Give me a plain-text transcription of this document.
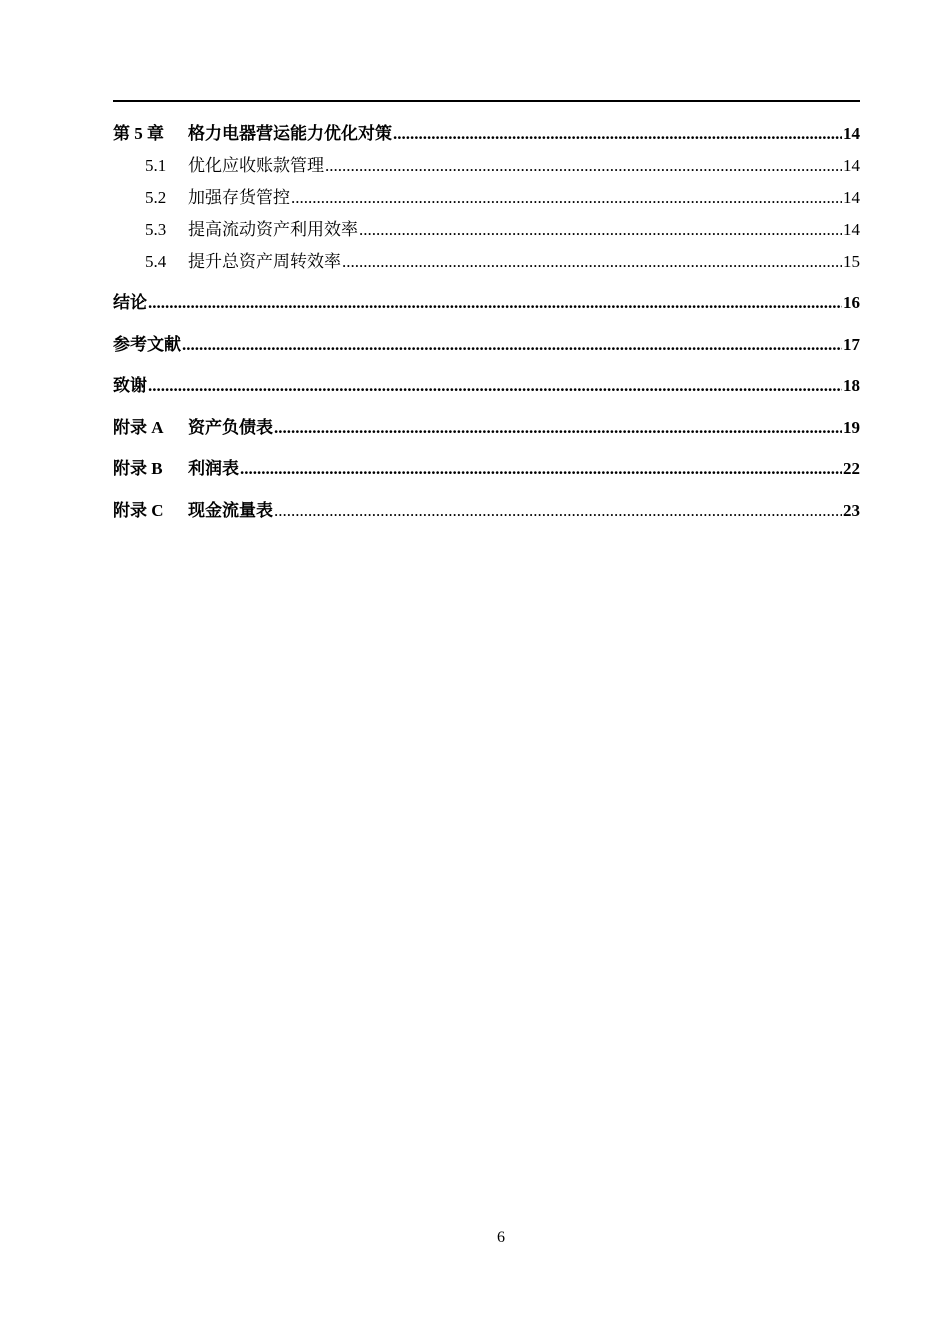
第 5 章	格力电器营运能力优化对策 .....	14
5.1	优化应收账款管理 .....	14
5.2	加强存货管控 .....	14
5.3	提高流动资产利用效率 .....	14
5.4	提升总资产周转效率 .....	15
结论 .....	16
参考文献 .....	17
致谢 .....	18
附录 A	资产负债表 .....	19
附录 B	利润表 .....	22
附录 C	现金流量表 .....	23
6
